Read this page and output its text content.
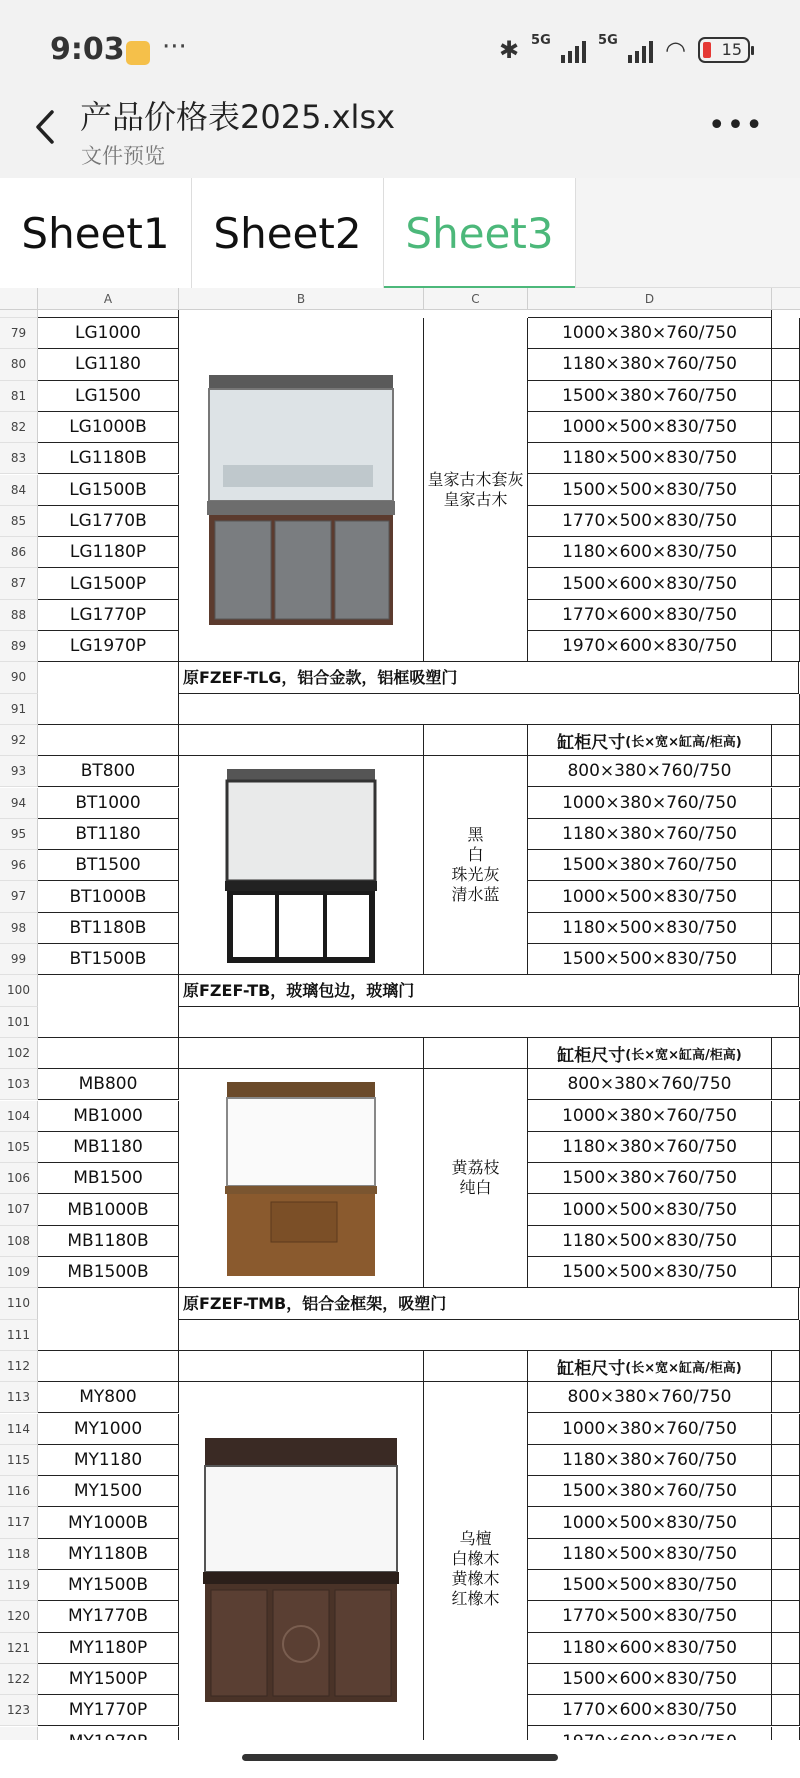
9:03 ···	✱ 5G	5G ◠	15
产品价格表2025.xlsx
文件预览
•••
Sheet1	Sheet2	Sheet3
A	B	C	D
79	LG1000	1000×380×760/750
80	LG1180	1180×380×760/750
81	LG1500	1500×380×760/750
82	LG1000B	1000×500×830/750
83	LG1180B	1180×500×830/750
84	LG1500B	1500×500×830/750
85	LG1770B	1770×500×830/750
86	LG1180P	1180×600×830/750
87	LG1500P	1500×600×830/750
88	LG1770P	1770×600×830/750
89	LG1970P	1970×600×830/750
皇家古木套灰
皇家古木
90
91
原FZEF-TLG，铝合金款，铝框吸塑门
92	缸柜尺寸 (长×宽×缸高/柜高)
93	BT800	800×380×760/750
94	BT1000	1000×380×760/750
95	BT1180	1180×380×760/750
96	BT1500	1500×380×760/750
97	BT1000B	1000×500×830/750
98	BT1180B	1180×500×830/750
99	BT1500B	1500×500×830/750
黑
白
珠光灰
清水蓝
100
101
原FZEF-TB，玻璃包边，玻璃门
102	缸柜尺寸 (长×宽×缸高/柜高)
103	MB800	800×380×760/750
104	MB1000	1000×380×760/750
105	MB1180	1180×380×760/750
106	MB1500	1500×380×760/750
107	MB1000B	1000×500×830/750
108	MB1180B	1180×500×830/750
109	MB1500B	1500×500×830/750
黄荔枝
纯白
110
111
原FZEF-TMB，铝合金框架，吸塑门
112	缸柜尺寸 (长×宽×缸高/柜高)
113	MY800	800×380×760/750
114	MY1000	1000×380×760/750
115	MY1180	1180×380×760/750
116	MY1500	1500×380×760/750
117	MY1000B	1000×500×830/750
118	MY1180B	1180×500×830/750
119	MY1500B	1500×500×830/750
120	MY1770B	1770×500×830/750
121	MY1180P	1180×600×830/750
122	MY1500P	1500×600×830/750
123	MY1770P	1770×600×830/750
乌檀
白橡木
黄橡木
红橡木
